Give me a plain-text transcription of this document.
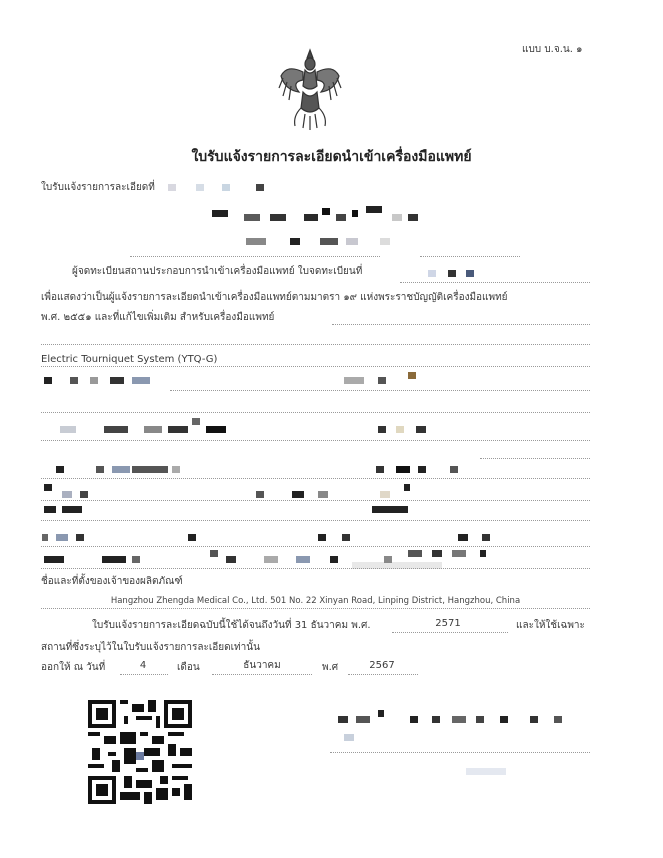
แบบ บ.จ.น. ๑
ใบรับแจ้งรายการละเอียดนำเข้าเครื่องมือแพทย์
ใบรับแจ้งรายการละเอียดที่
ผู้จดทะเบียนสถานประกอบการนำเข้าเครื่องมือแพทย์ ใบจดทะเบียนที่
เพื่อแสดงว่าเป็นผู้แจ้งรายการละเอียดนำเข้าเครื่องมือแพทย์ตามมาตรา ๑๙ แห่งพระราชบัญญัติเครื่องมือแพทย์
พ.ศ. ๒๕๕๑ และที่แก้ไขเพิ่มเติม สำหรับเครื่องมือแพทย์
Electric Tourniquet System (YTQ-G)
ชื่อและที่ตั้งของเจ้าของผลิตภัณฑ์
Hangzhou Zhengda Medical Co., Ltd. 501 No. 22 Xinyan Road, Linping District, Hangzhou, China
ใบรับแจ้งรายการละเอียดฉบับนี้ใช้ได้จนถึงวันที่ 31 ธันวาคม พ.ศ.	2571	และให้ใช้เฉพาะ
สถานที่ซึ่งระบุไว้ในใบรับแจ้งรายการละเอียดเท่านั้น
ออกให้ ณ วันที่	4	เดือน	ธันวาคม	พ.ศ	2567
